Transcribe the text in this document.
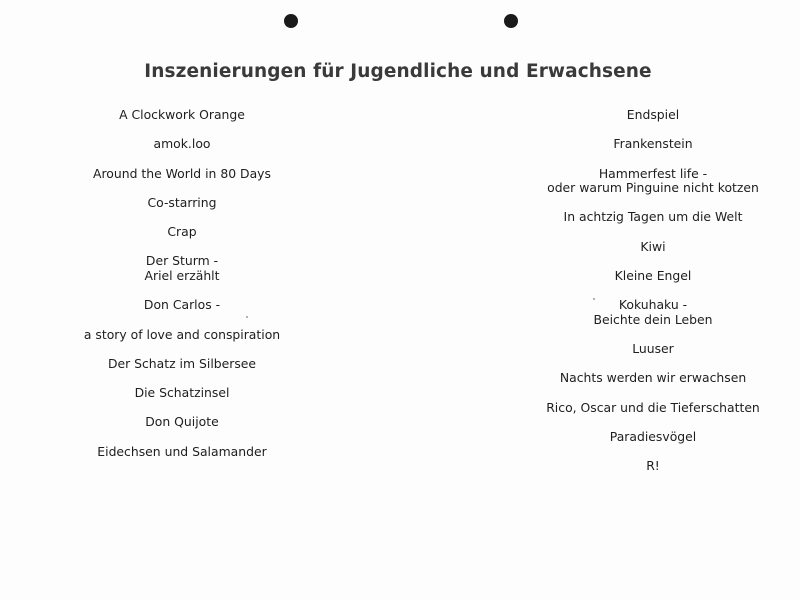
Inszenierungen für Jugendliche und Erwachsene
A Clockwork Orange
amok.loo
Around the World in 80 Days
Co-starring
Crap
Der Sturm -
Ariel erzählt
Don Carlos -
a story of love and conspiration
Der Schatz im Silbersee
Die Schatzinsel
Don Quijote
Eidechsen und Salamander
Endspiel
Frankenstein
Hammerfest life -
oder warum Pinguine nicht kotzen
In achtzig Tagen um die Welt
Kiwi
Kleine Engel
Kokuhaku -
Beichte dein Leben
Luuser
Nachts werden wir erwachsen
Rico, Oscar und die Tieferschatten
Paradiesvögel
R!
